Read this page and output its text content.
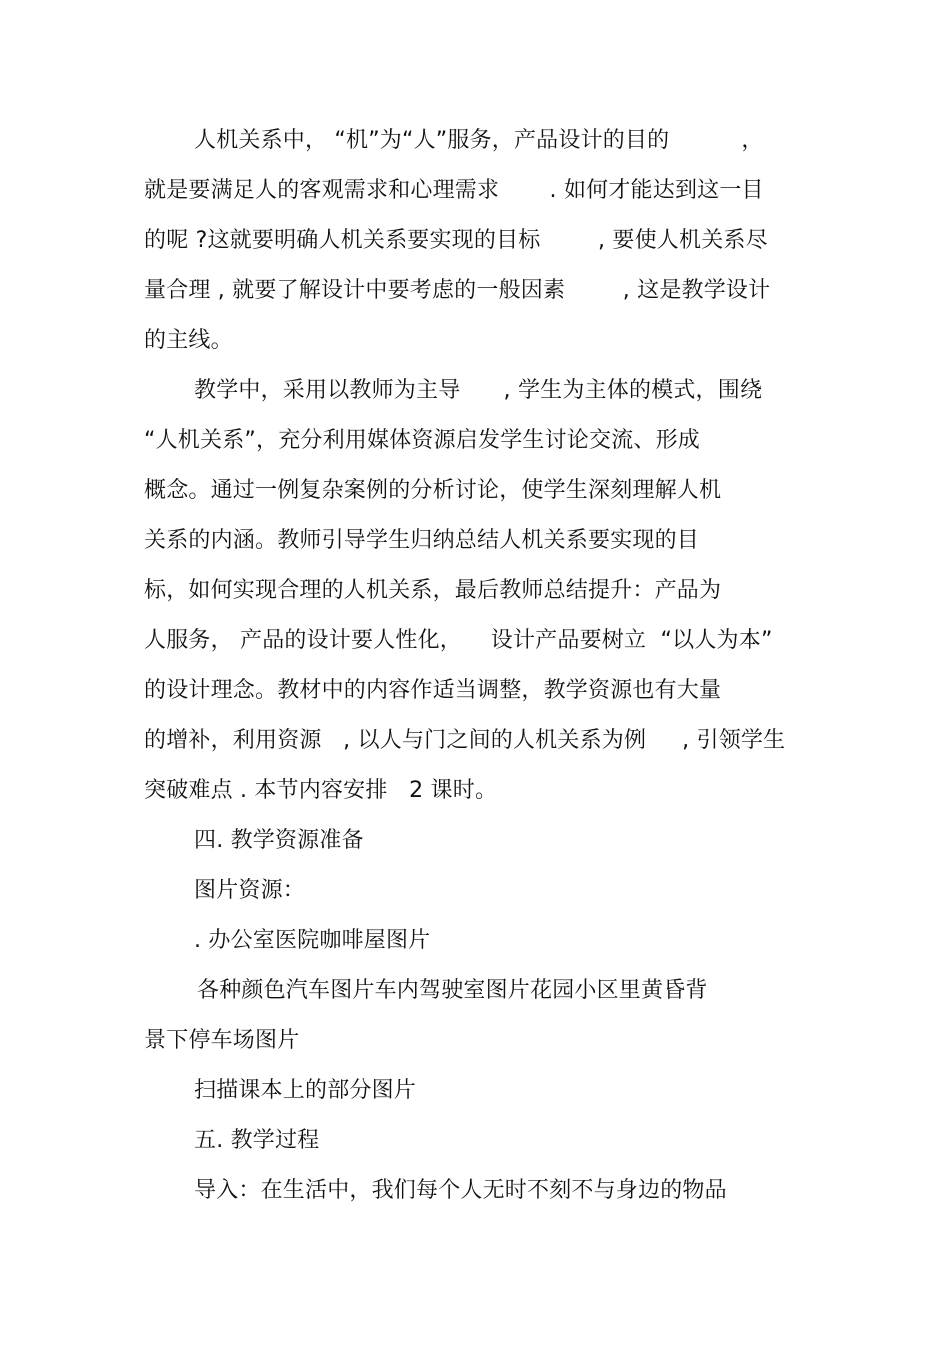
人机关系中， “机”为“人”服务，产品设计的目的          ，

就是要满足人的客观需求和心理需求       . 如何才能达到这一目

的呢 ?这就要明确人机关系要实现的目标        , 要使人机关系尽

量合理 , 就要了解设计中要考虑的一般因素        , 这是教学设计

的主线。

教学中，采用以教师为主导      , 学生为主体的模式，围绕

“人机关系”，充分利用媒体资源启发学生讨论交流、形成

概念。通过一例复杂案例的分析讨论，使学生深刻理解人机

关系的内涵。教师引导学生归纳总结人机关系要实现的目

标，如何实现合理的人机关系，最后教师总结提升：产品为

人服务， 产品的设计要人性化，    设计产品要树立  “以人为本”

的设计理念。教材中的内容作适当调整，教学资源也有大量

的增补，利用资源   , 以人与门之间的人机关系为例     , 引领学生

突破难点 . 本节内容安排   2 课时。

四. 教学资源准备

图片资源：

. 办公室医院咖啡屋图片

各种颜色汽车图片车内驾驶室图片花园小区里黄昏背

景下停车场图片

扫描课本上的部分图片

五. 教学过程

导入：在生活中，我们每个人无时不刻不与身边的物品
